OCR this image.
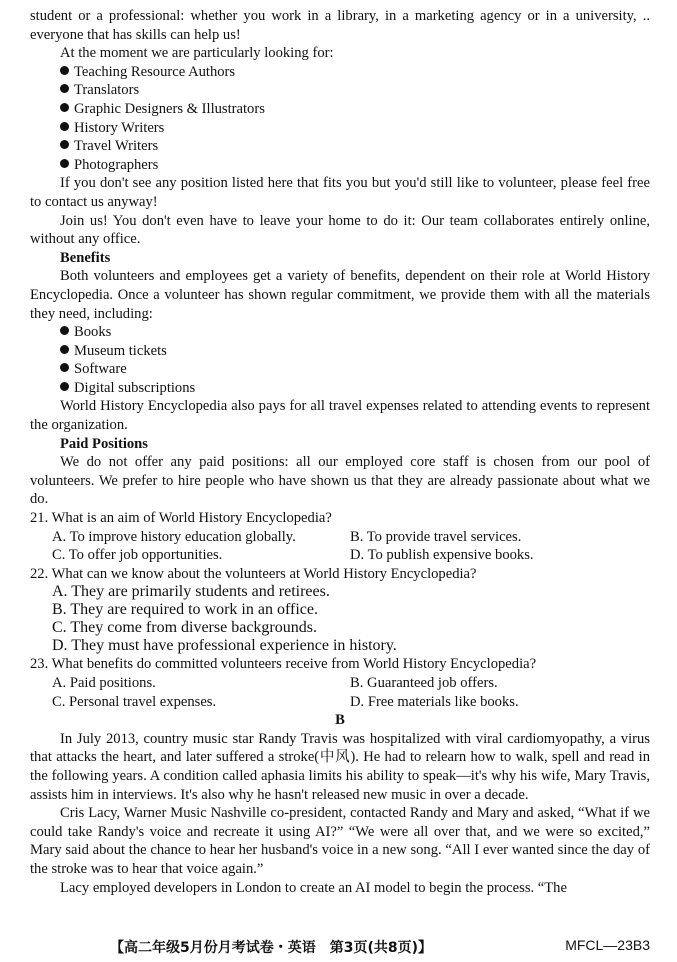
student or a professional: whether you work in a library, in a marketing agency or in a university, .. everyone that has skills can help us!

At the moment we are particularly looking for:

Teaching Resource Authors
Translators
Graphic Designers & Illustrators
History Writers
Travel Writers
Photographers

If you don't see any position listed here that fits you but you'd still like to volunteer, please feel free to contact us anyway!

Join us! You don't even have to leave your home to do it: Our team collaborates entirely online, without any office.

Benefits

Both volunteers and employees get a variety of benefits, dependent on their role at World History Encyclopedia. Once a volunteer has shown regular commitment, we provide them with all the materials they need, including:

Books
Museum tickets
Software
Digital subscriptions

World History Encyclopedia also pays for all travel expenses related to attending events to represent the organization.

Paid Positions

We do not offer any paid positions: all our employed core staff is chosen from our pool of volunteers. We prefer to hire people who have shown us that they are already passionate about what we do.

21. What is an aim of World History Encyclopedia?

A. To improve history education globally.	B. To provide travel services.
C. To offer job opportunities.	D. To publish expensive books.

22. What can we know about the volunteers at World History Encyclopedia?

A. They are primarily students and retirees.
B. They are required to work in an office.
C. They come from diverse backgrounds.
D. They must have professional experience in history.

23. What benefits do committed volunteers receive from World History Encyclopedia?

A. Paid positions.	B. Guaranteed job offers.
C. Personal travel expenses.	D. Free materials like books.

B

In July 2013, country music star Randy Travis was hospitalized with viral cardiomyopathy, a virus that attacks the heart, and later suffered a stroke(中风). He had to relearn how to walk, spell and read in the following years. A condition called aphasia limits his ability to speak—it's why his wife, Mary Travis, assists him in interviews. It's also why he hasn't released new music in over a decade.

Cris Lacy, Warner Music Nashville co-president, contacted Randy and Mary and asked, “What if we could take Randy's voice and recreate it using AI?” “We were all over that, and we were so excited,” Mary said about the chance to hear her husband's voice in a new song. “All I ever wanted since the day of the stroke was to hear that voice again.”

Lacy employed developers in London to create an AI model to begin the process. “The

【高二年级5月份月考试卷・英语　第3页(共8页)】	MFCL—23B3
